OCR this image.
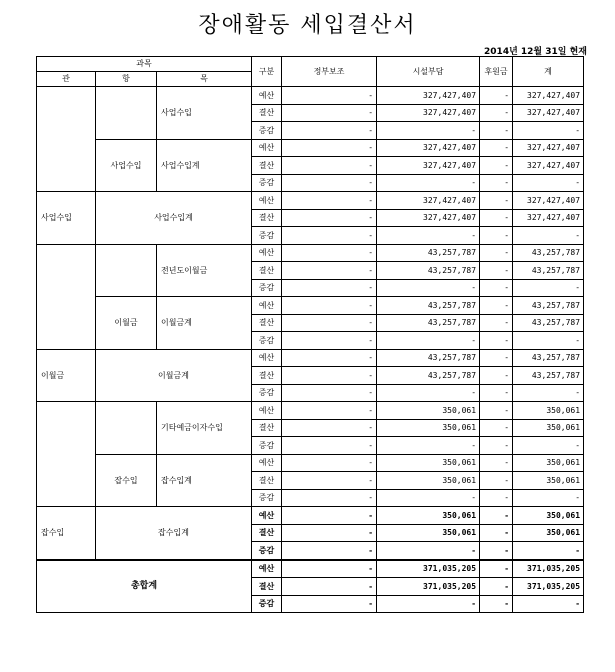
장애활동 세입결산서
2014년 12월 31일 현재
과목			구분	정부보조	시설부담	후원금	계
관	항	목					
		사업수입	예산	-	327,427,407	-	327,427,407
			결산	-	327,427,407	-	327,427,407
			증감	-	-	-	-
	사업수입	사업수입계	예산	-	327,427,407	-	327,427,407
			결산	-	327,427,407	-	327,427,407
			증감	-	-	-	-
사업수입	사업수입계		예산	-	327,427,407	-	327,427,407
			결산	-	327,427,407	-	327,427,407
			증감	-	-	-	-
		전년도이월금	예산	-	43,257,787	-	43,257,787
			결산	-	43,257,787	-	43,257,787
			증감	-	-	-	-
	이월금	이월금계	예산	-	43,257,787	-	43,257,787
			결산	-	43,257,787	-	43,257,787
			증감	-	-	-	-
이월금	이월금계		예산	-	43,257,787	-	43,257,787
			결산	-	43,257,787	-	43,257,787
			증감	-	-	-	-
		기타예금이자수입	예산	-	350,061	-	350,061
			결산	-	350,061	-	350,061
			증감	-	-	-	-
	잡수입	잡수입계	예산	-	350,061	-	350,061
			결산	-	350,061	-	350,061
			증감	-	-	-	-
잡수입	잡수입계		예산	-	350,061	-	350,061
			결산	-	350,061	-	350,061
			증감	-	-	-	-
총합계			예산	-	371,035,205	-	371,035,205
			결산	-	371,035,205	-	371,035,205
			증감	-	-	-	-
